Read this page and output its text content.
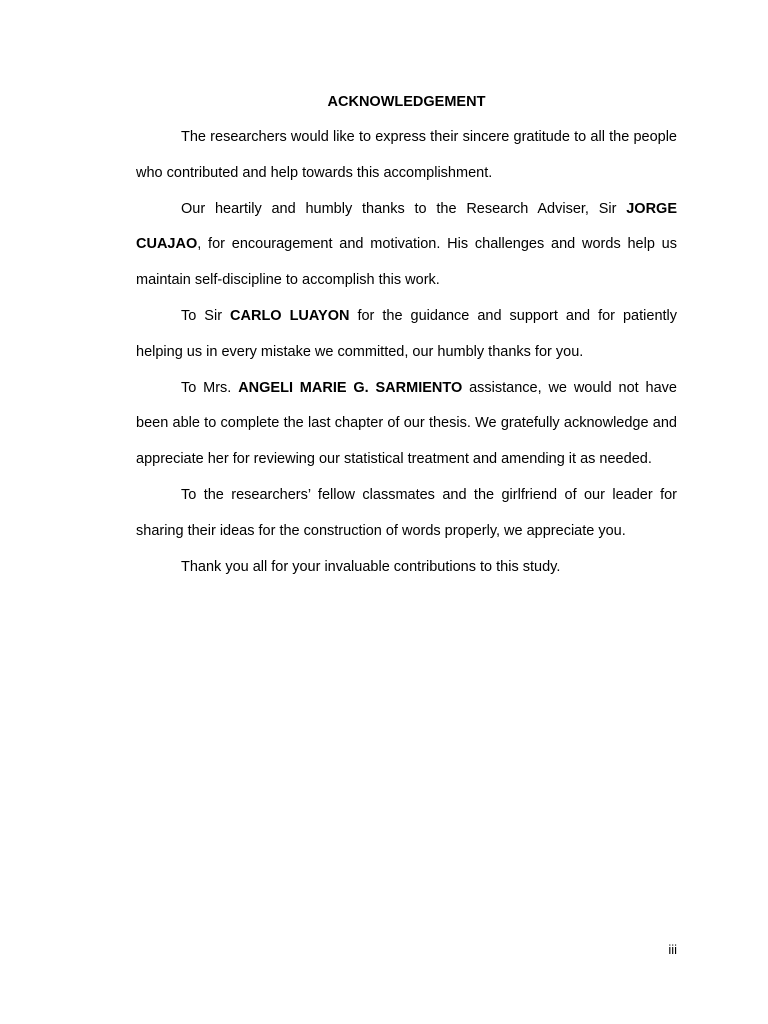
ACKNOWLEDGEMENT

The researchers would like to express their sincere gratitude to all the people who contributed and help towards this accomplishment.

Our heartily and humbly thanks to the Research Adviser, Sir JORGE CUAJAO, for encouragement and motivation. His challenges and words help us maintain self-discipline to accomplish this work.

To Sir CARLO LUAYON for the guidance and support and for patiently helping us in every mistake we committed, our humbly thanks for you.

To Mrs. ANGELI MARIE G. SARMIENTO assistance, we would not have been able to complete the last chapter of our thesis. We gratefully acknowledge and appreciate her for reviewing our statistical treatment and amending it as needed.

To the researchers’ fellow classmates and the girlfriend of our leader for sharing their ideas for the construction of words properly, we appreciate you.

Thank you all for your invaluable contributions to this study.

iii
